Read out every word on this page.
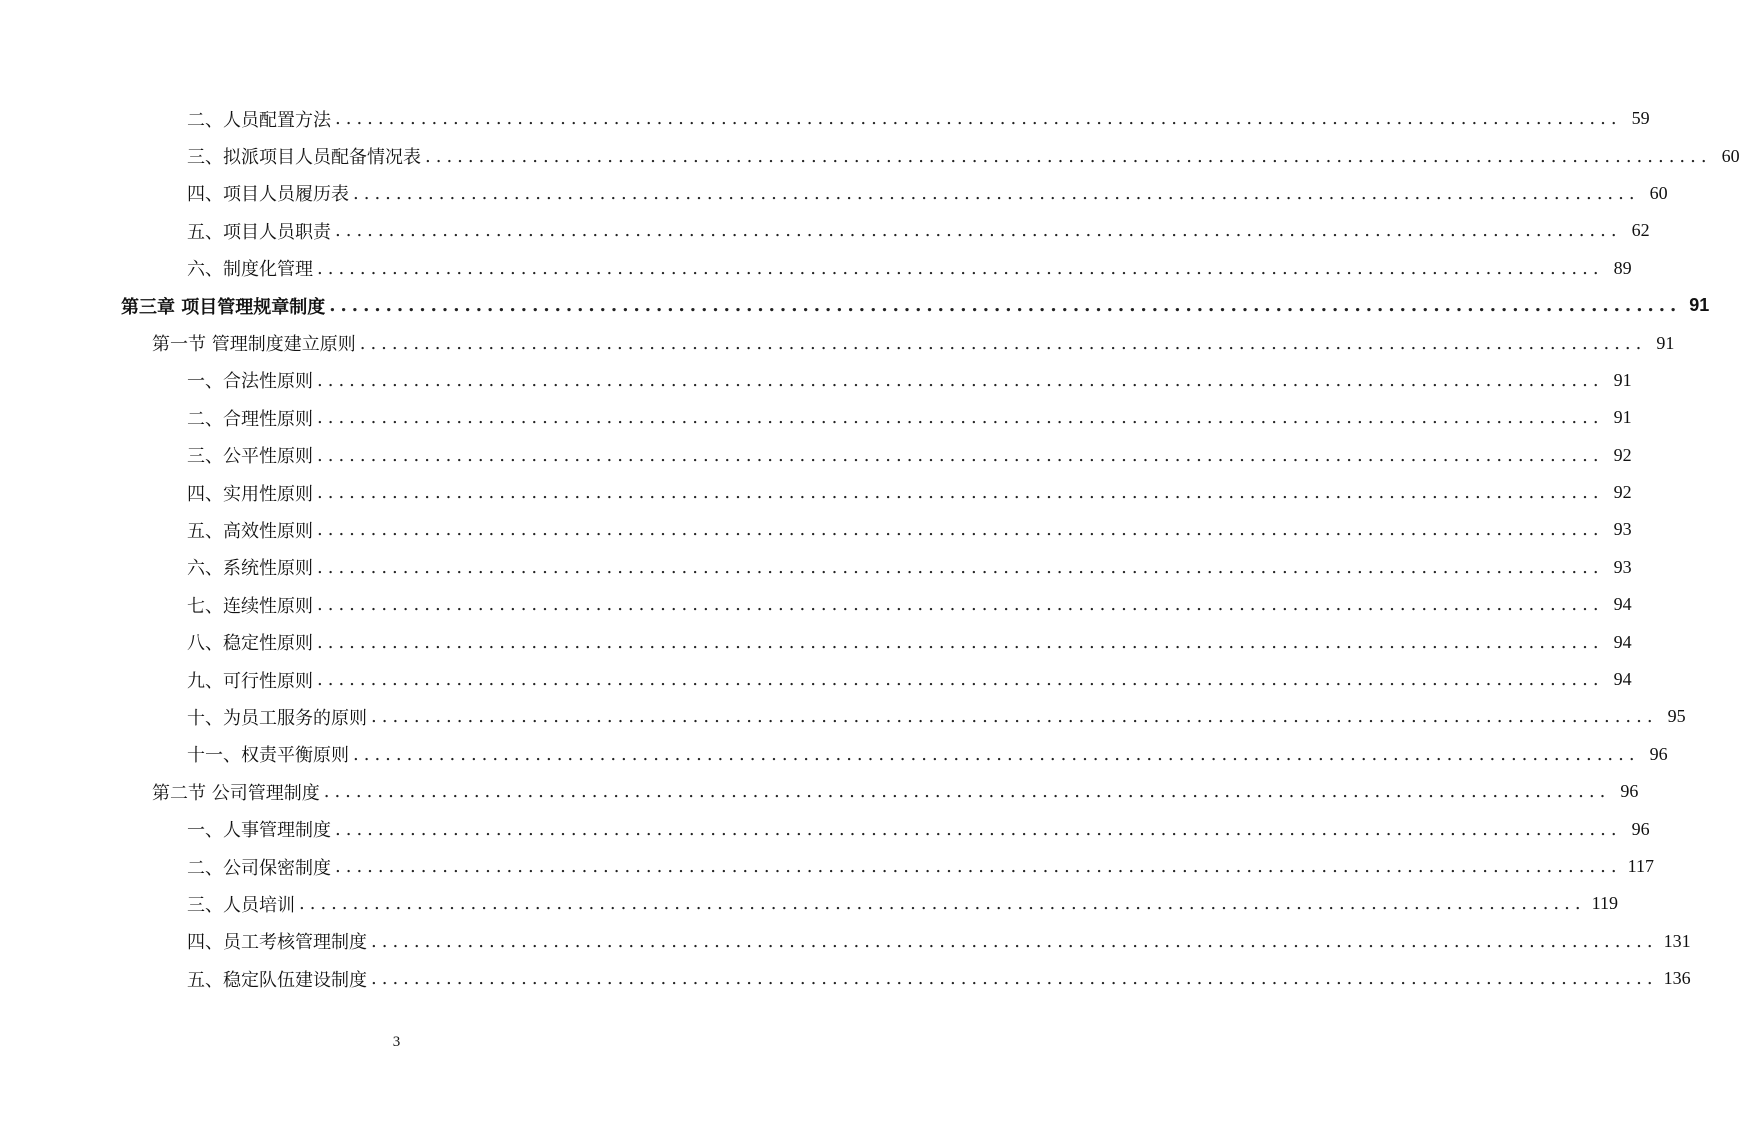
二、人员配置方法 ........................................................................................................................ 59
三、拟派项目人员配备情况表 ........................................................................................................................ 60
四、项目人员履历表 ........................................................................................................................ 60
五、项目人员职责 ........................................................................................................................ 62
六、制度化管理 ........................................................................................................................ 89
第三章 项目管理规章制度 ........................................................................................................................ 91
第一节 管理制度建立原则 ........................................................................................................................ 91
一、合法性原则 ........................................................................................................................ 91
二、合理性原则 ........................................................................................................................ 91
三、公平性原则 ........................................................................................................................ 92
四、实用性原则 ........................................................................................................................ 92
五、高效性原则 ........................................................................................................................ 93
六、系统性原则 ........................................................................................................................ 93
七、连续性原则 ........................................................................................................................ 94
八、稳定性原则 ........................................................................................................................ 94
九、可行性原则 ........................................................................................................................ 94
十、为员工服务的原则 ........................................................................................................................ 95
十一、权责平衡原则 ........................................................................................................................ 96
第二节 公司管理制度 ........................................................................................................................ 96
一、人事管理制度 ........................................................................................................................ 96
二、公司保密制度 ........................................................................................................................ 117
三、人员培训 ........................................................................................................................ 119
四、员工考核管理制度 ........................................................................................................................ 131
五、稳定队伍建设制度 ........................................................................................................................ 136
3
